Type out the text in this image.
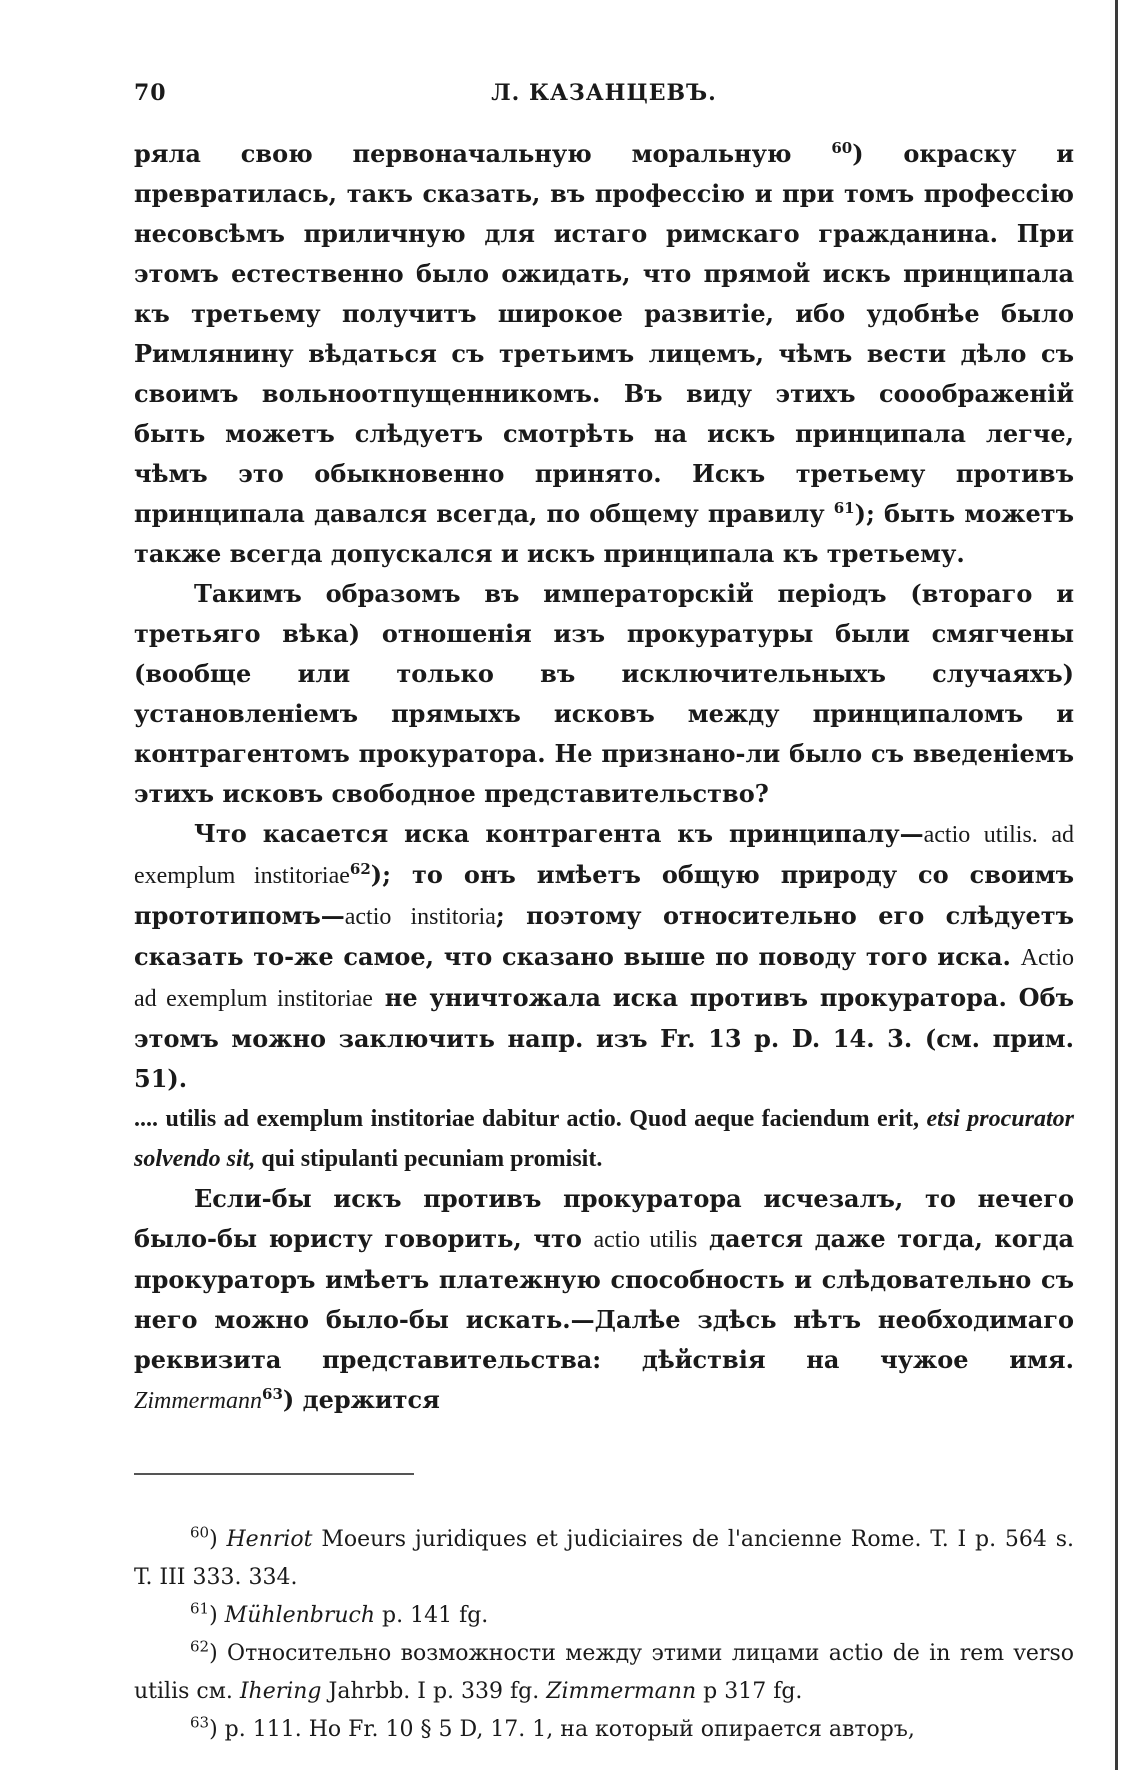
70	Л. КАЗАНЦЕВЪ.

ряла свою первоначальную моральную $^{60}$) окраску и превратилась, такъ сказать, въ профессію и при томъ профессію несовсѣмъ приличную для истаго римскаго гражданина. При этомъ естественно было ожидать, что прямой искъ принципала къ третьему получитъ широкое развитіе, ибо удобнѣе было Римлянину вѣдаться съ третьимъ лицемъ, чѣмъ вести дѣло съ своимъ вольноотпущенникомъ. Въ виду этихъ сооображеній быть можетъ слѣдуетъ смотрѣть на искъ принципала легче, чѣмъ это обыкновенно принято. Искъ третьему противъ принципала давался всегда, по общему правилу $^{61}$); быть можетъ также всегда допускался и искъ принципала къ третьему.

Такимъ образомъ въ императорскій періодъ (втораго и третьяго вѣка) отношенія изъ прокуратуры были смягчены (вообще или только въ исключительныхъ случаяхъ) установленіемъ прямыхъ исковъ между принципаломъ и контрагентомъ прокуратора. Не признано-ли было съ введеніемъ этихъ исковъ свободное представительство?

Что касается иска контрагента къ принципалу—actio utilis. ad exemplum institoriae$^{62}$); то онъ имѣетъ общую природу со своимъ прототипомъ—actio institoria; поэтому относительно его слѣдуетъ сказать то-же самое, что сказано выше по поводу того иска. Actio ad exemplum institoriae не уничтожала иска противъ прокуратора. Объ этомъ можно заключить напр. изъ Fr. 13 p. D. 14. 3. (см. прим. 51).

.... utilis ad exemplum institoriae dabitur actio. Quod aeque faciendum erit, etsi procurator solvendo sit, qui stipulanti pecuniam promisit.

Если-бы искъ противъ прокуратора исчезалъ, то нечего было-бы юристу говорить, что actio utilis дается даже тогда, когда прокураторъ имѣетъ платежную способность и слѣдовательно съ него можно было-бы искать.—Далѣе здѣсь нѣтъ необходимаго реквизита представительства: дѣйствія на чужое имя. Zimmermann$^{63}$) держится

$^{60}$) Henriot Moeurs juridiques et judiciaires de l'ancienne Rome. T. I p. 564 s. T. III 333. 334.

$^{61}$) Mühlenbruch p. 141 fg.

$^{62}$) Относительно возможности между этими лицами actio de in rem verso utilis см. Ihering Jahrbb. I p. 339 fg. Zimmermann p 317 fg.

$^{63}$) p. 111. Но Fr. 10 § 5 D, 17. 1, на который опирается авторъ,
